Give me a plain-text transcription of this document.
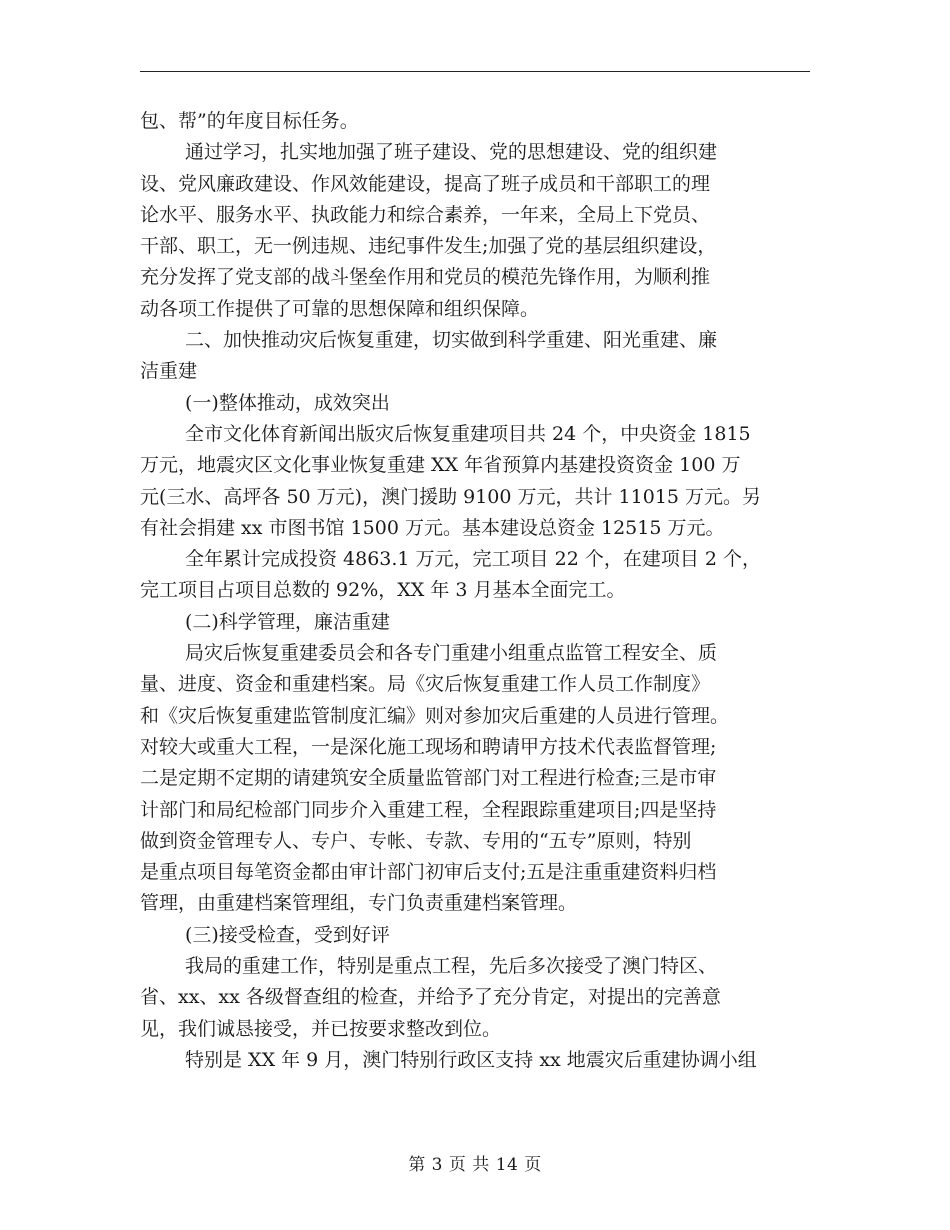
包、帮”的年度目标任务。
通过学习，扎实地加强了班子建设、党的思想建设、党的组织建
设、党风廉政建设、作风效能建设，提高了班子成员和干部职工的理
论水平、服务水平、执政能力和综合素养，一年来，全局上下党员、
干部、职工，无一例违规、违纪事件发生;加强了党的基层组织建设，
充分发挥了党支部的战斗堡垒作用和党员的模范先锋作用，为顺利推
动各项工作提供了可靠的思想保障和组织保障。
二、加快推动灾后恢复重建，切实做到科学重建、阳光重建、廉
洁重建
(一)整体推动，成效突出
全市文化体育新闻出版灾后恢复重建项目共 24 个，中央资金 1815
万元，地震灾区文化事业恢复重建 XX 年省预算内基建投资资金 100 万
元(三水、高坪各 50 万元)，澳门援助 9100 万元，共计 11015 万元。另
有社会捐建 xx 市图书馆 1500 万元。基本建设总资金 12515 万元。
全年累计完成投资 4863.1 万元，完工项目 22 个，在建项目 2 个，
完工项目占项目总数的 92%，XX 年 3 月基本全面完工。
(二)科学管理，廉洁重建
局灾后恢复重建委员会和各专门重建小组重点监管工程安全、质
量、进度、资金和重建档案。局《灾后恢复重建工作人员工作制度》
和《灾后恢复重建监管制度汇编》则对参加灾后重建的人员进行管理。
对较大或重大工程，一是深化施工现场和聘请甲方技术代表监督管理;
二是定期不定期的请建筑安全质量监管部门对工程进行检查;三是市审
计部门和局纪检部门同步介入重建工程，全程跟踪重建项目;四是坚持
做到资金管理专人、专户、专帐、专款、专用的“五专”原则，特别
是重点项目每笔资金都由审计部门初审后支付;五是注重重建资料归档
管理，由重建档案管理组，专门负责重建档案管理。
(三)接受检查，受到好评
我局的重建工作，特别是重点工程，先后多次接受了澳门特区、
省、xx、xx 各级督查组的检查，并给予了充分肯定，对提出的完善意
见，我们诚恳接受，并已按要求整改到位。
特别是 XX 年 9 月，澳门特别行政区支持 xx 地震灾后重建协调小组
第 3 页 共 14 页
